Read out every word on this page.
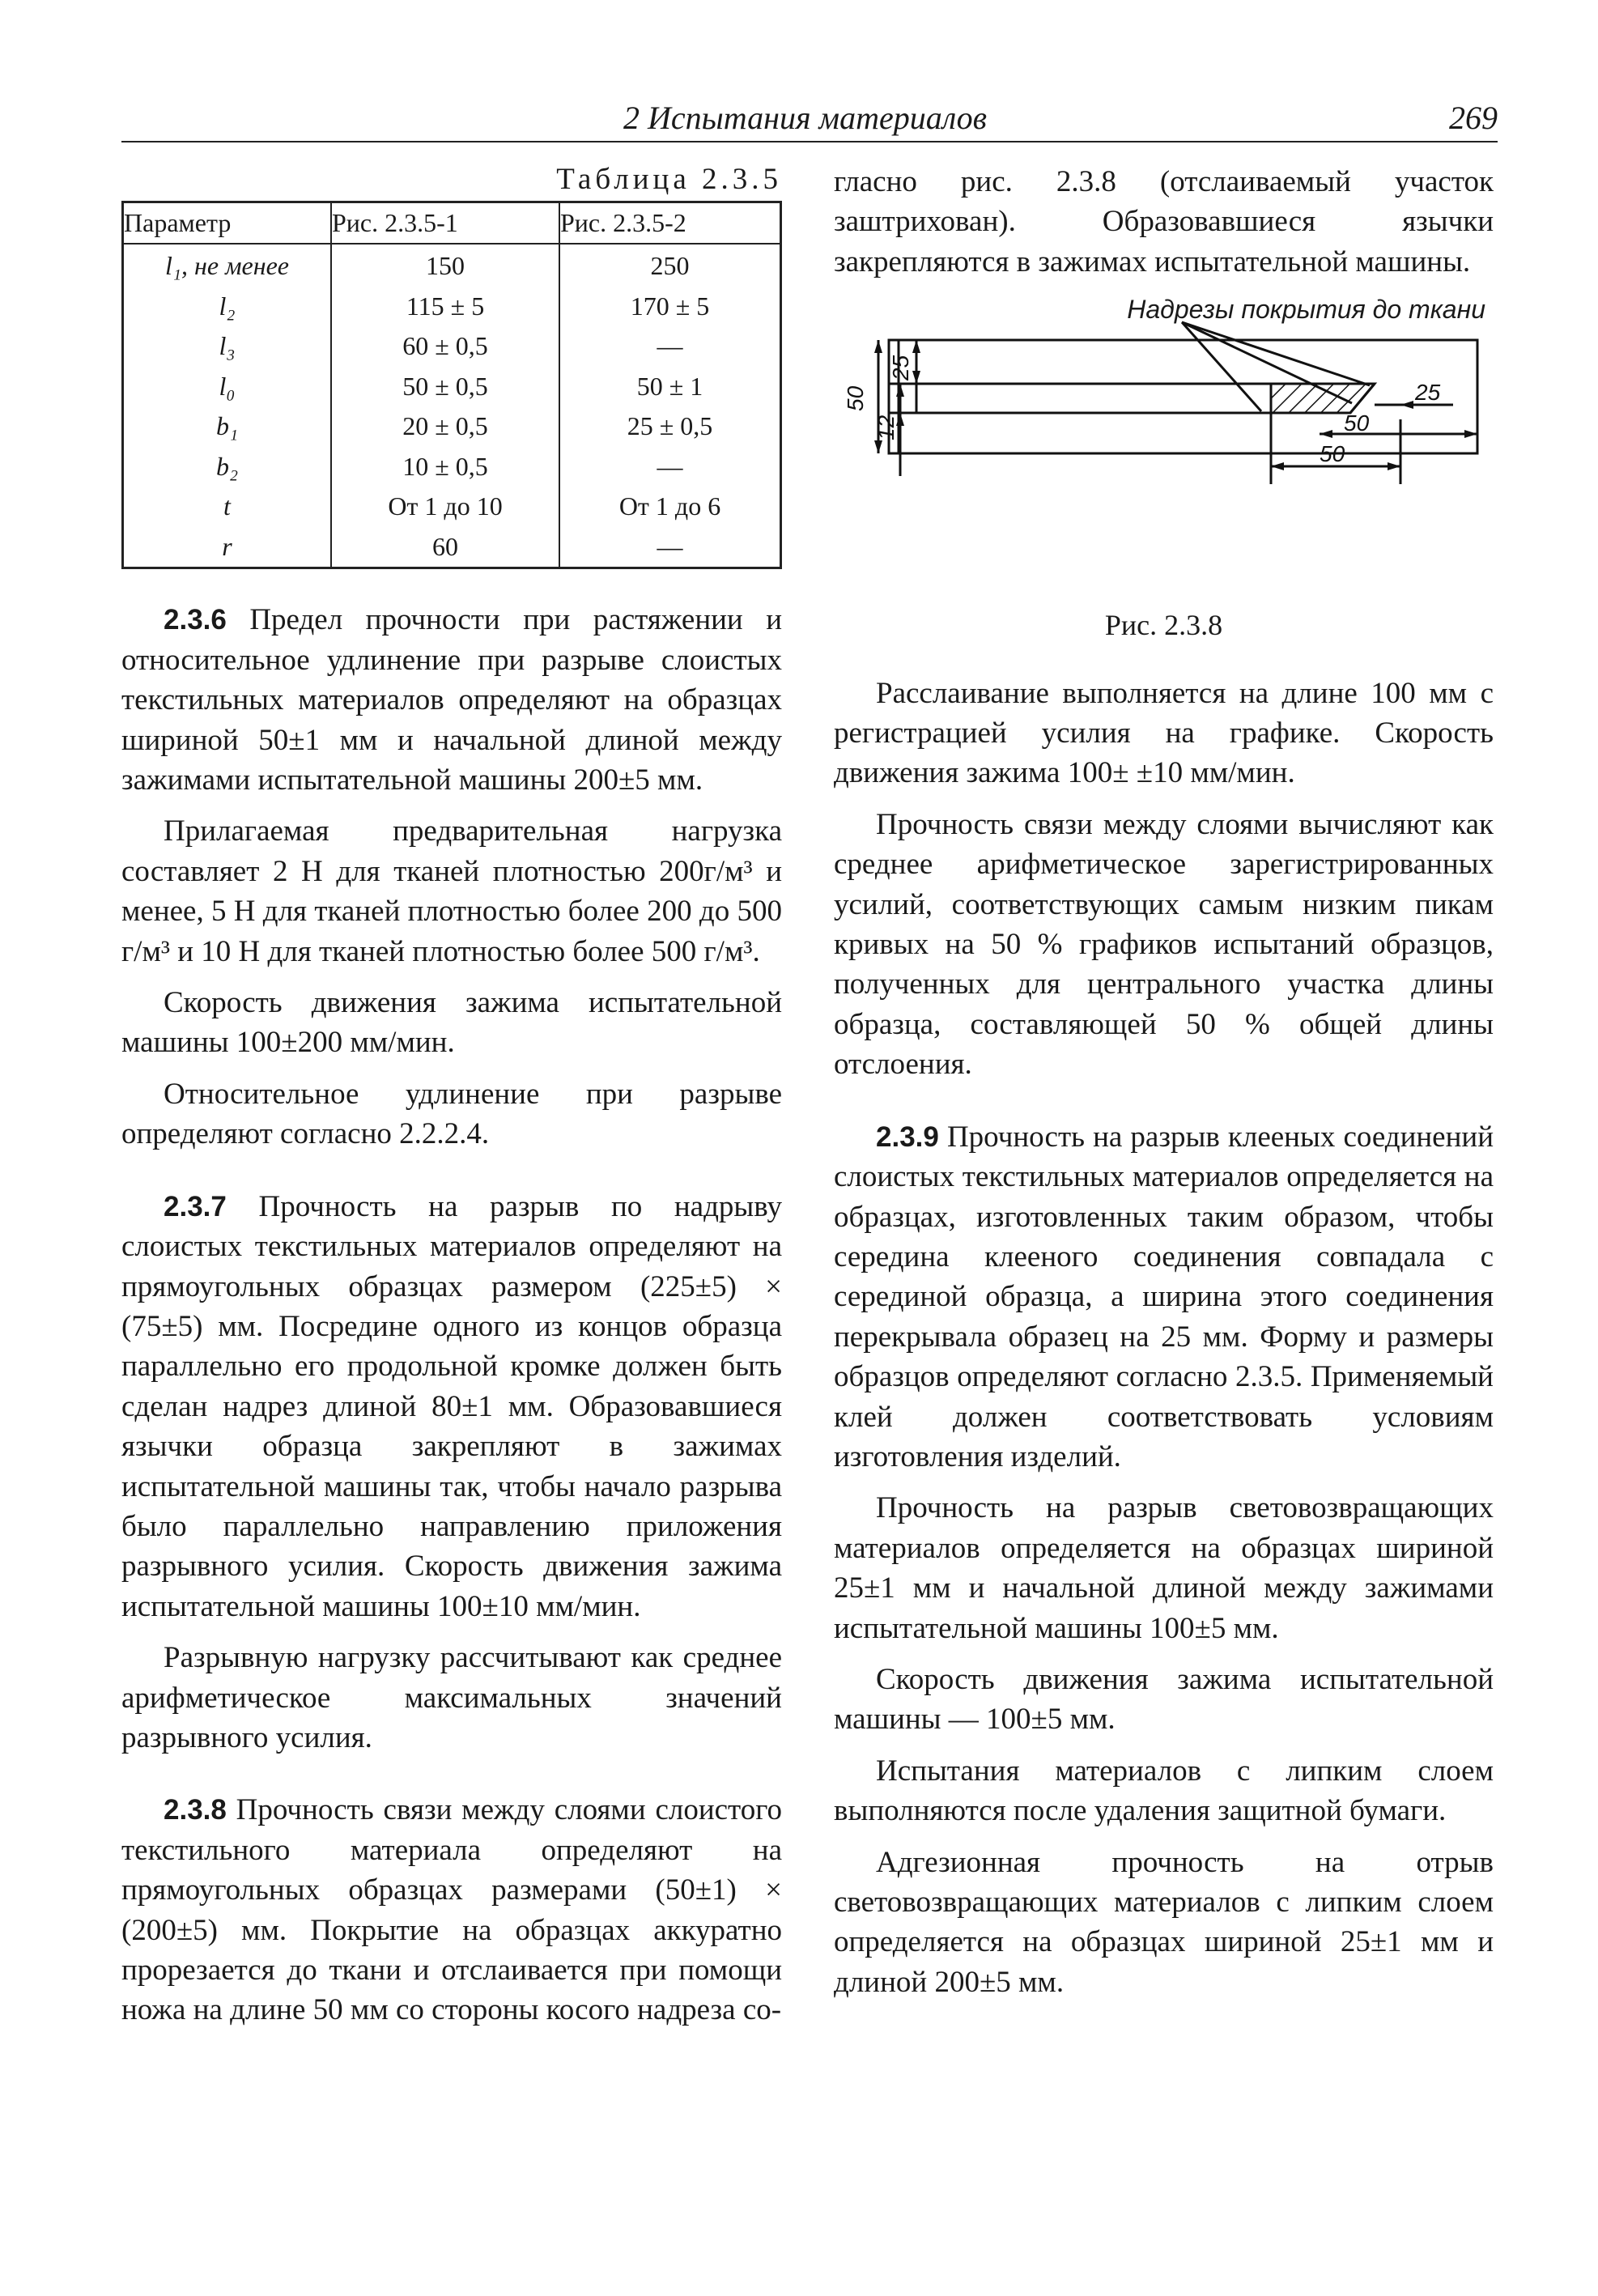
2 Испытания материалов	269
Таблица 2.3.5
Параметр	Рис. 2.3.5-1	Рис. 2.3.5-2
l₁, не менее	150	250
l₂	115 ± 5	170 ± 5
l₃	60 ± 0,5	—
l₀	50 ± 0,5	50 ± 1
b₁	20 ± 0,5	25 ± 0,5
b₂	10 ± 0,5	—
t	От 1 до 10	От 1 до 6
r	60	—

2.3.6 Предел прочности при растяжении и относительное удлинение при разрыве слоистых текстильных материалов определяют на образцах шириной 50±1 мм и начальной длиной между зажимами испытательной машины 200±5 мм.

Прилагаемая предварительная нагрузка составляет 2 Н для тканей плотностью 200г/м³ и менее, 5 Н для тканей плотностью более 200 до 500 г/м³ и 10 Н для тканей плотностью более 500 г/м³.

Скорость движения зажима испытательной машины 100±200 мм/мин.

Относительное удлинение при разрыве определяют согласно 2.2.2.4.

2.3.7 Прочность на разрыв по надрыву слоистых текстильных материалов определяют на прямоугольных образцах размером (225±5) × (75±5) мм. Посредине одного из концов образца параллельно его продольной кромке должен быть сделан надрез длиной 80±1 мм. Образовавшиеся язычки образца закрепляют в зажимах испытательной машины так, чтобы начало разрыва было параллельно направлению приложения разрывного усилия. Скорость движения зажима испытательной машины 100±10 мм/мин.

Разрывную нагрузку рассчитывают как среднее арифметическое максимальных значений разрывного усилия.

2.3.8 Прочность связи между слоями слоистого текстильного материала определяют на прямоугольных образцах размерами (50±1) × (200±5) мм. Покрытие на образцах аккуратно прорезается до ткани и отслаивается при помощи ножа на длине 50 мм со стороны косого надреза со-

гласно рис. 2.3.8 (отслаиваемый участок заштрихован). Образовавшиеся язычки закрепляются в зажимах испытательной машины.

50
25
12
25
50
50
Надрезы покрытия до ткани
Рис. 2.3.8

Расслаивание выполняется на длине 100 мм с регистрацией усилия на графике. Скорость движения зажима 100± ±10 мм/мин.

Прочность связи между слоями вычисляют как среднее арифметическое зарегистрированных усилий, соответствующих самым низким пикам кривых на 50 % графиков испытаний образцов, полученных для центрального участка длины образца, составляющей 50 % общей длины отслоения.

2.3.9 Прочность на разрыв клееных соединений слоистых текстильных материалов определяется на образцах, изготовленных таким образом, чтобы середина клееного соединения совпадала с серединой образца, а ширина этого соединения перекрывала образец на 25 мм. Форму и размеры образцов определяют согласно 2.3.5. Применяемый клей должен соответствовать условиям изготовления изделий.

Прочность на разрыв световозвращающих материалов определяется на образцах шириной 25±1 мм и начальной длиной между зажимами испытательной машины 100±5 мм.

Скорость движения зажима испытательной машины — 100±5 мм.

Испытания материалов с липким слоем выполняются после удаления защитной бумаги.

Адгезионная прочность на отрыв световозвращающих материалов с липким слоем определяется на образцах шириной 25±1 мм и длиной 200±5 мм.
